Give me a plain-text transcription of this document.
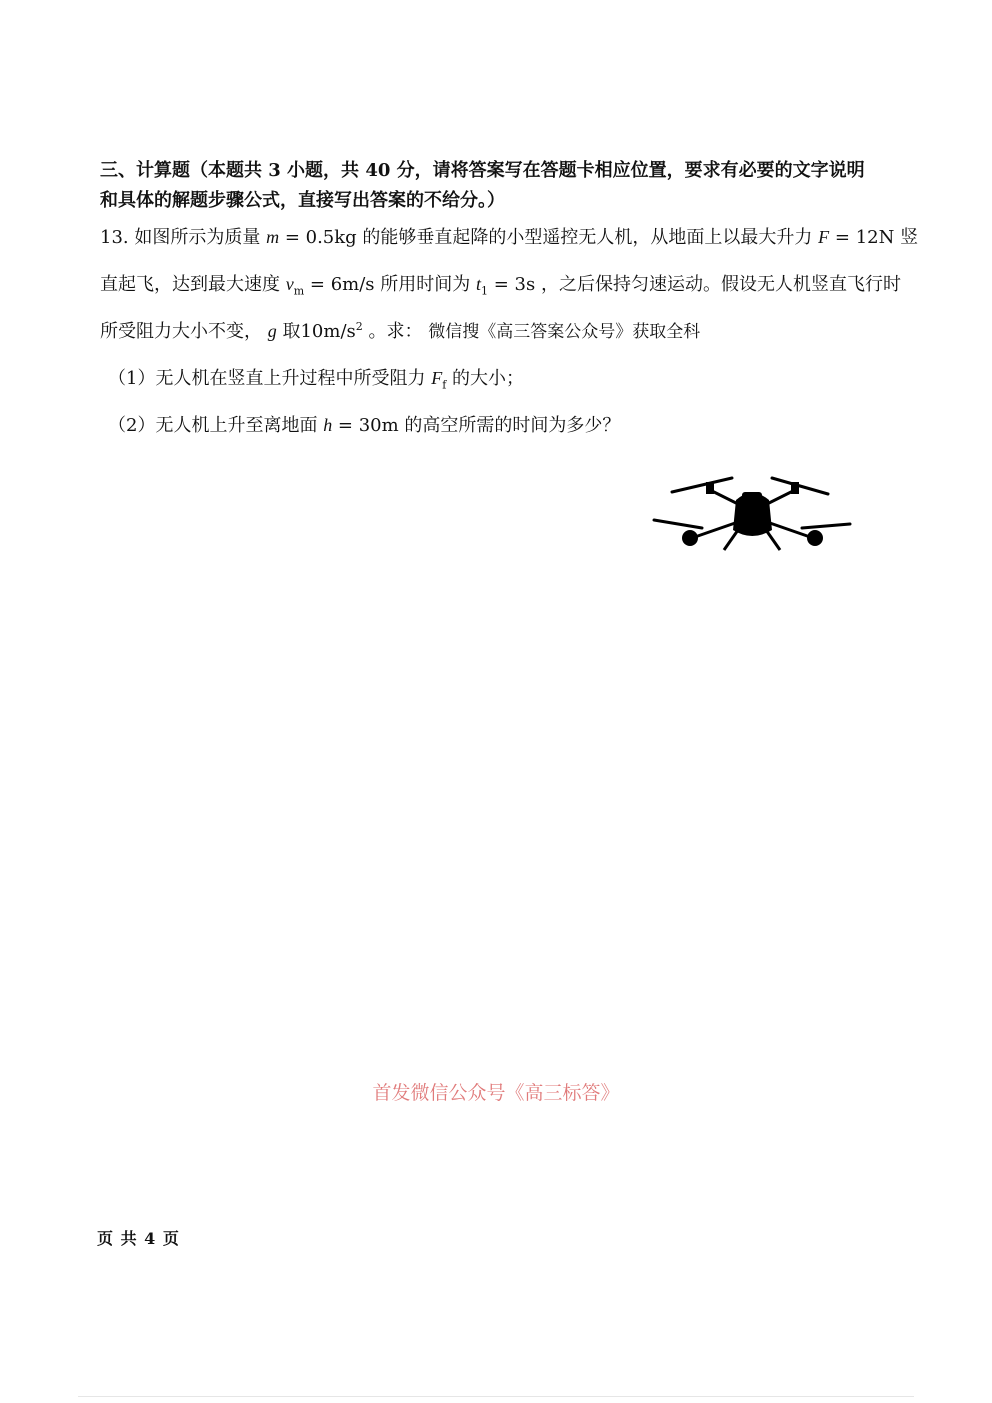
三、计算题（本题共 3 小题，共 40 分，请将答案写在答题卡相应位置，要求有必要的文字说明
和具体的解题步骤公式，直接写出答案的不给分。）
13. 如图所示为质量 m = 0.5kg 的能够垂直起降的小型遥控无人机，从地面上以最大升力 F = 12N 竖
直起飞，达到最大速度 $v_m = 6m/s$ 所用时间为 $t_1 = 3s$ ，之后保持匀速运动。假设无人机竖直飞行时
所受阻力大小不变， g 取$10m/s^2$ 。求： 微信搜《高三答案公众号》获取全科
（1）无人机在竖直上升过程中所受阻力 $F_f$ 的大小；
（2）无人机上升至离地面 h = 30m 的高空所需的时间为多少？
首发微信公众号《高三标答》
页 共 4 页
